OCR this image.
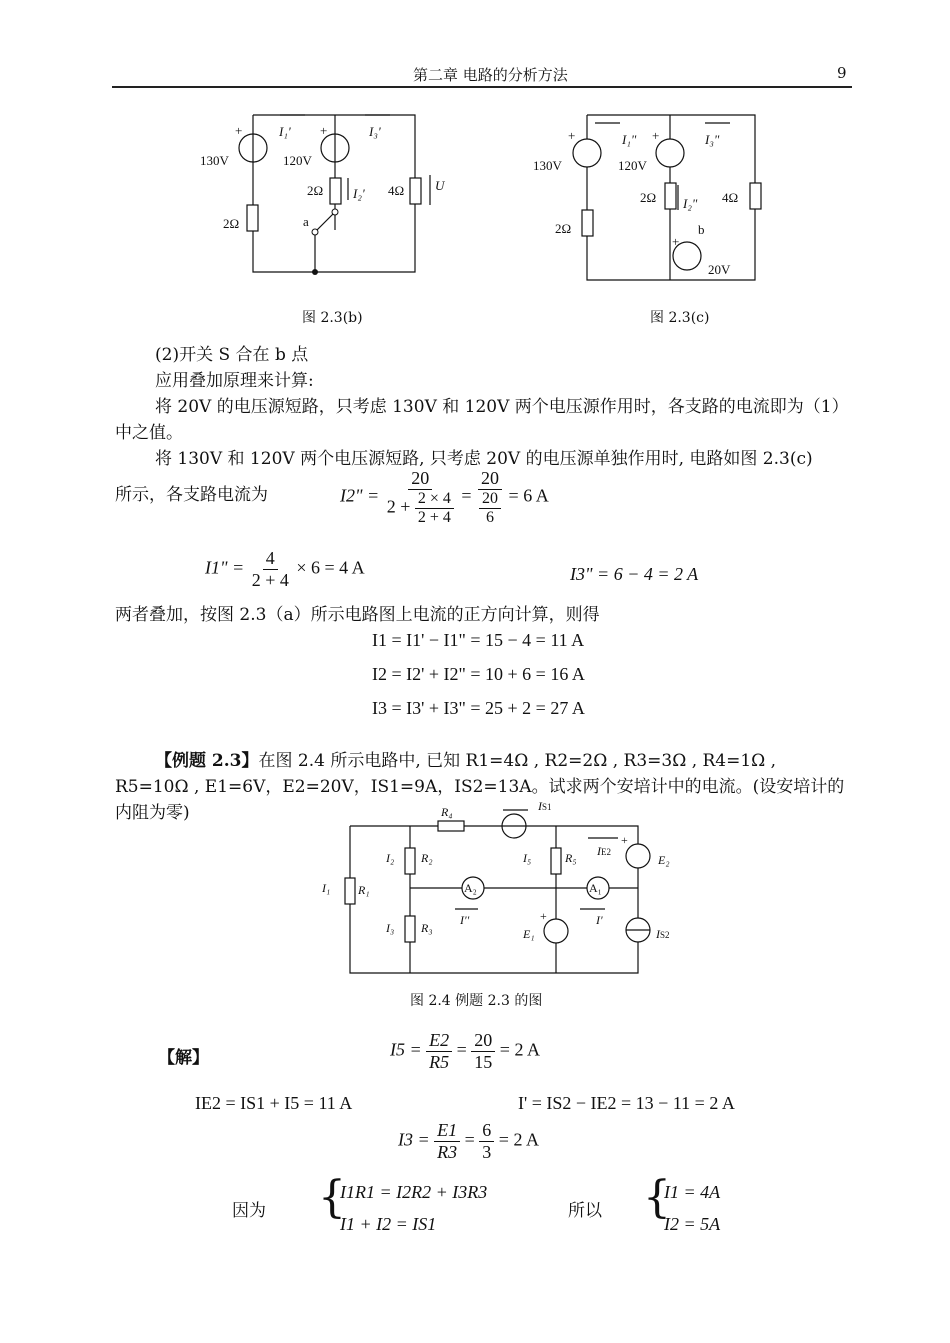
第二章 电路的分析方法	9
+	+
130V	120V
2Ω
2Ω	4Ω
a
U
I₁'	I₃'
I₂'
图 2.3(b)
+	+
130V	120V
2Ω
2Ω	4Ω
b
+
20V
I₁"	I₃"
I₂"
图 2.3(c)
(2)开关 S 合在 b 点
应用叠加原理来计算:
将 20V 的电压源短路，只考虑 130V 和 120V 两个电压源作用时，各支路的电流即为（1）中之值。
将 130V 和 120V 两个电压源短路, 只考虑 20V 的电压源单独作用时, 电路如图 2.3(c)
所示，各支路电流为	I2" = $\frac{20}{2 + \frac{2 \times 4}{2 + 4}} = \frac{20}{\frac{20}{6}} = 6$ A
I1" = $\frac{4}{2 + 4} \times 6 = 4$ A	I3" = 6 − 4 = 2 A
两者叠加，按图 2.3（a）所示电路图上电流的正方向计算，则得
I1 = I1' − I1" = 15 − 4 = 11 A
I2 = I2' + I2" = 10 + 6 = 16 A
I3 = I3' + I3" = 25 + 2 = 27 A
【例题 2.3】在图 2.4 所示电路中, 已知 R1=4Ω , R2=2Ω , R3=3Ω , R4=1Ω , R5=10Ω , E1=6V，E2=20V，IS1=9A，IS2=13A。试求两个安培计中的电流。(设安培计的内阻为零)	R₄	IS1
I₁ R₁
I₂ R₂
I₃ R₃
I₅	R₅ IE2
E₂
A₂	A₁
I''	I'
E₁	IS2
+
+
图 2.4 例题 2.3 的图
【解】	$I5 = \frac{E2}{R5} = \frac{20}{15} = 2$ A
IE2 = IS1 + I5 = 11 A	I' = IS2 − IE2 = 13 − 11 = 2 A
$I3 = \frac{E1}{R3} = \frac{6}{3} = 2$ A
因为 {
I1R1 = I2R2 + I3R3
I1 + I2 = IS1
所以 {
I1 = 4A
I2 = 5A
